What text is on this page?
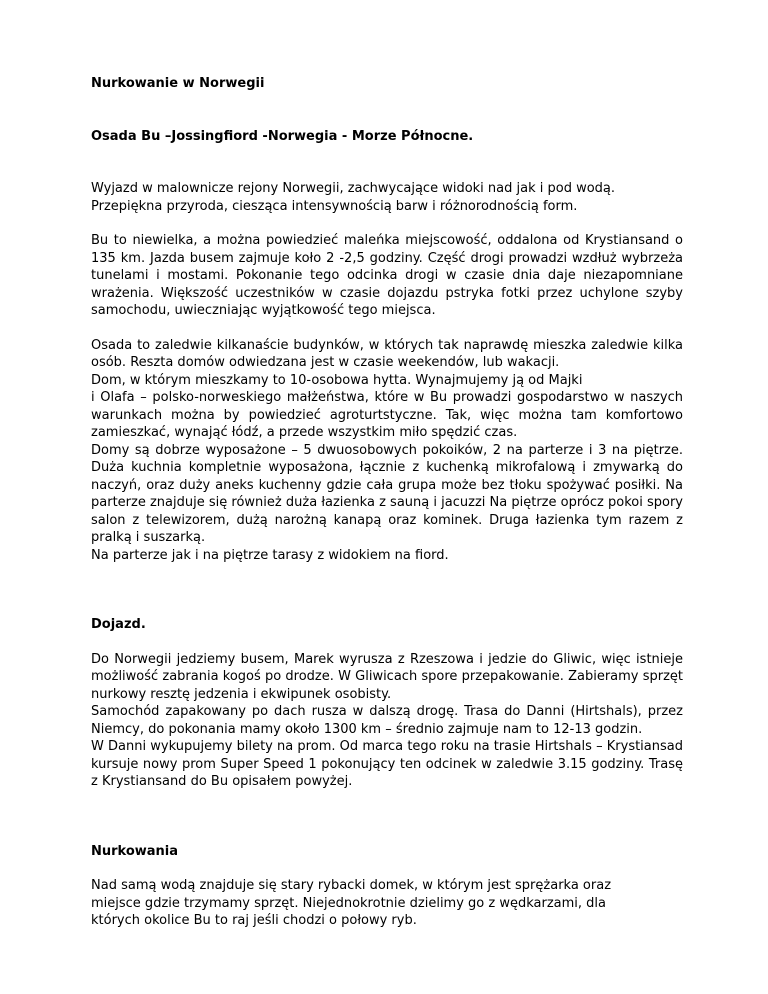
Nurkowanie w Norwegii
Osada Bu –Jossingfiord -Norwegia - Morze Północne.

Wyjazd w malownicze rejony Norwegii, zachwycające widoki nad jak i pod wodą.

Przepiękna przyroda, ciesząca intensywnością barw i różnorodnością form.

Bu to niewielka, a można powiedzieć maleńka miejscowość, oddalona od Krystiansand o 135 km. Jazda busem zajmuje koło 2 -2,5 godziny. Część drogi prowadzi wzdłuż wybrzeża tunelami i mostami. Pokonanie tego odcinka drogi w czasie dnia daje niezapomniane wrażenia. Większość uczestników w czasie dojazdu pstryka fotki przez uchylone szyby samochodu, uwieczniając wyjątkowość tego miejsca.

Osada to zaledwie kilkanaście budynków, w których tak naprawdę mieszka zaledwie kilka osób. Reszta domów odwiedzana jest w czasie weekendów, lub wakacji.

Dom, w którym mieszkamy to 10-osobowa hytta. Wynajmujemy ją od Majki

i Olafa – polsko-norweskiego małżeństwa, które w Bu prowadzi gospodarstwo w naszych warunkach można by powiedzieć agroturtstyczne. Tak, więc można tam komfortowo zamieszkać, wynająć łódź, a przede wszystkim miło spędzić czas.

Domy są dobrze wyposażone – 5 dwuosobowych pokoików, 2 na parterze i 3 na piętrze. Duża kuchnia kompletnie wyposażona, łącznie z kuchenką mikrofalową i zmywarką do naczyń, oraz duży aneks kuchenny gdzie cała grupa może bez tłoku spożywać posiłki. Na parterze znajduje się również duża łazienka z sauną i jacuzzi Na piętrze oprócz pokoi spory salon z telewizorem, dużą narożną kanapą oraz kominek. Druga łazienka tym razem z pralką i suszarką.

Na parterze jak i na piętrze tarasy z widokiem na fiord.

Dojazd.

Do Norwegii jedziemy busem, Marek wyrusza z Rzeszowa i jedzie do Gliwic, więc istnieje możliwość zabrania kogoś po drodze. W Gliwicach spore przepakowanie. Zabieramy sprzęt nurkowy resztę jedzenia i ekwipunek osobisty.

Samochód zapakowany po dach rusza w dalszą drogę. Trasa do Danni (Hirtshals), przez Niemcy, do pokonania mamy około 1300 km – średnio zajmuje nam to 12-13 godzin.

W Danni wykupujemy bilety na prom. Od marca tego roku na trasie Hirtshals – Krystiansad kursuje nowy prom Super Speed 1 pokonujący ten odcinek w zaledwie 3.15 godziny. Trasę z Krystiansand do Bu opisałem powyżej.

Nurkowania

Nad samą wodą znajduje się stary rybacki domek, w którym jest sprężarka oraz

miejsce gdzie trzymamy sprzęt. Niejednokrotnie dzielimy go z wędkarzami, dla

których okolice Bu to raj jeśli chodzi o połowy ryb.
